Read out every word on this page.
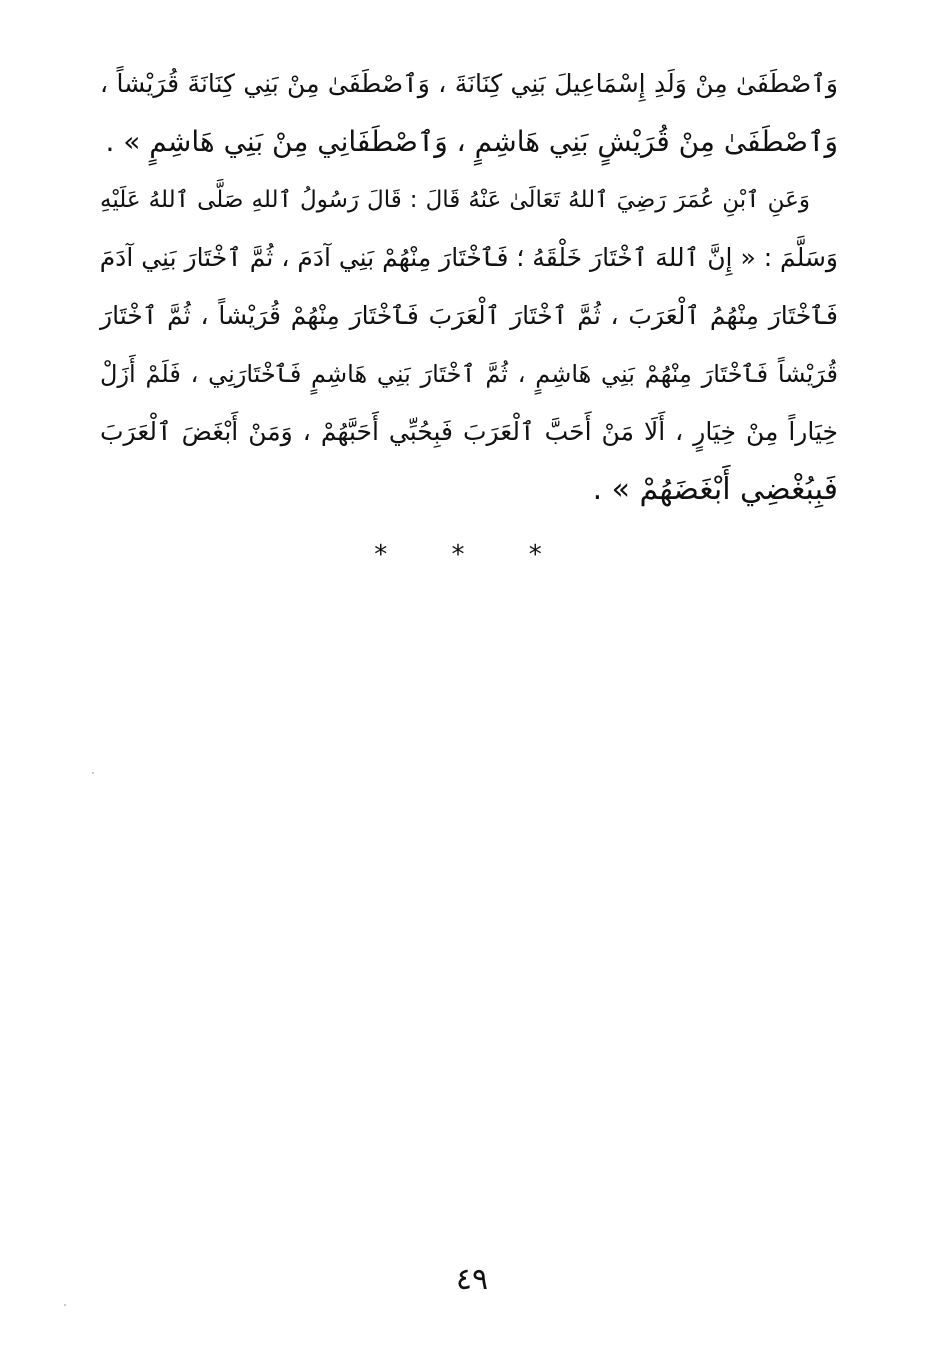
وَٱصْطَفَىٰ مِنْ وَلَدِ إِسْمَاعِيلَ بَنِي كِنَانَةَ ، وَٱصْطَفَىٰ مِنْ بَنِي كِنَانَةَ قُرَيْشاً ،
وَٱصْطَفَىٰ مِنْ قُرَيْشٍ بَنِي هَاشِمٍ ، وَٱصْطَفَانِي مِنْ بَنِي هَاشِمٍ » .
وَعَنِ ٱبْنِ عُمَرَ رَضِيَ ٱللهُ تَعَالَىٰ عَنْهُ قَالَ : قَالَ رَسُولُ ٱللهِ صَلَّى ٱللهُ عَلَيْهِ
وَسَلَّمَ : « إِنَّ ٱللهَ ٱخْتَارَ خَلْقَهُ ؛ فَٱخْتَارَ مِنْهُمْ بَنِي آدَمَ ، ثُمَّ ٱخْتَارَ بَنِي آدَمَ
فَٱخْتَارَ مِنْهُمُ ٱلْعَرَبَ ، ثُمَّ ٱخْتَارَ ٱلْعَرَبَ فَٱخْتَارَ مِنْهُمْ قُرَيْشاً ، ثُمَّ ٱخْتَارَ
قُرَيْشاً فَٱخْتَارَ مِنْهُمْ بَنِي هَاشِمٍ ، ثُمَّ ٱخْتَارَ بَنِي هَاشِمٍ فَٱخْتَارَنِي ، فَلَمْ أَزَلْ
خِيَاراً مِنْ خِيَارٍ ، أَلَا مَنْ أَحَبَّ ٱلْعَرَبَ فَبِحُبِّي أَحَبَّهُمْ ، وَمَنْ أَبْغَضَ ٱلْعَرَبَ
فَبِبُغْضِي أَبْغَضَهُمْ » .
* * *
٤٩
